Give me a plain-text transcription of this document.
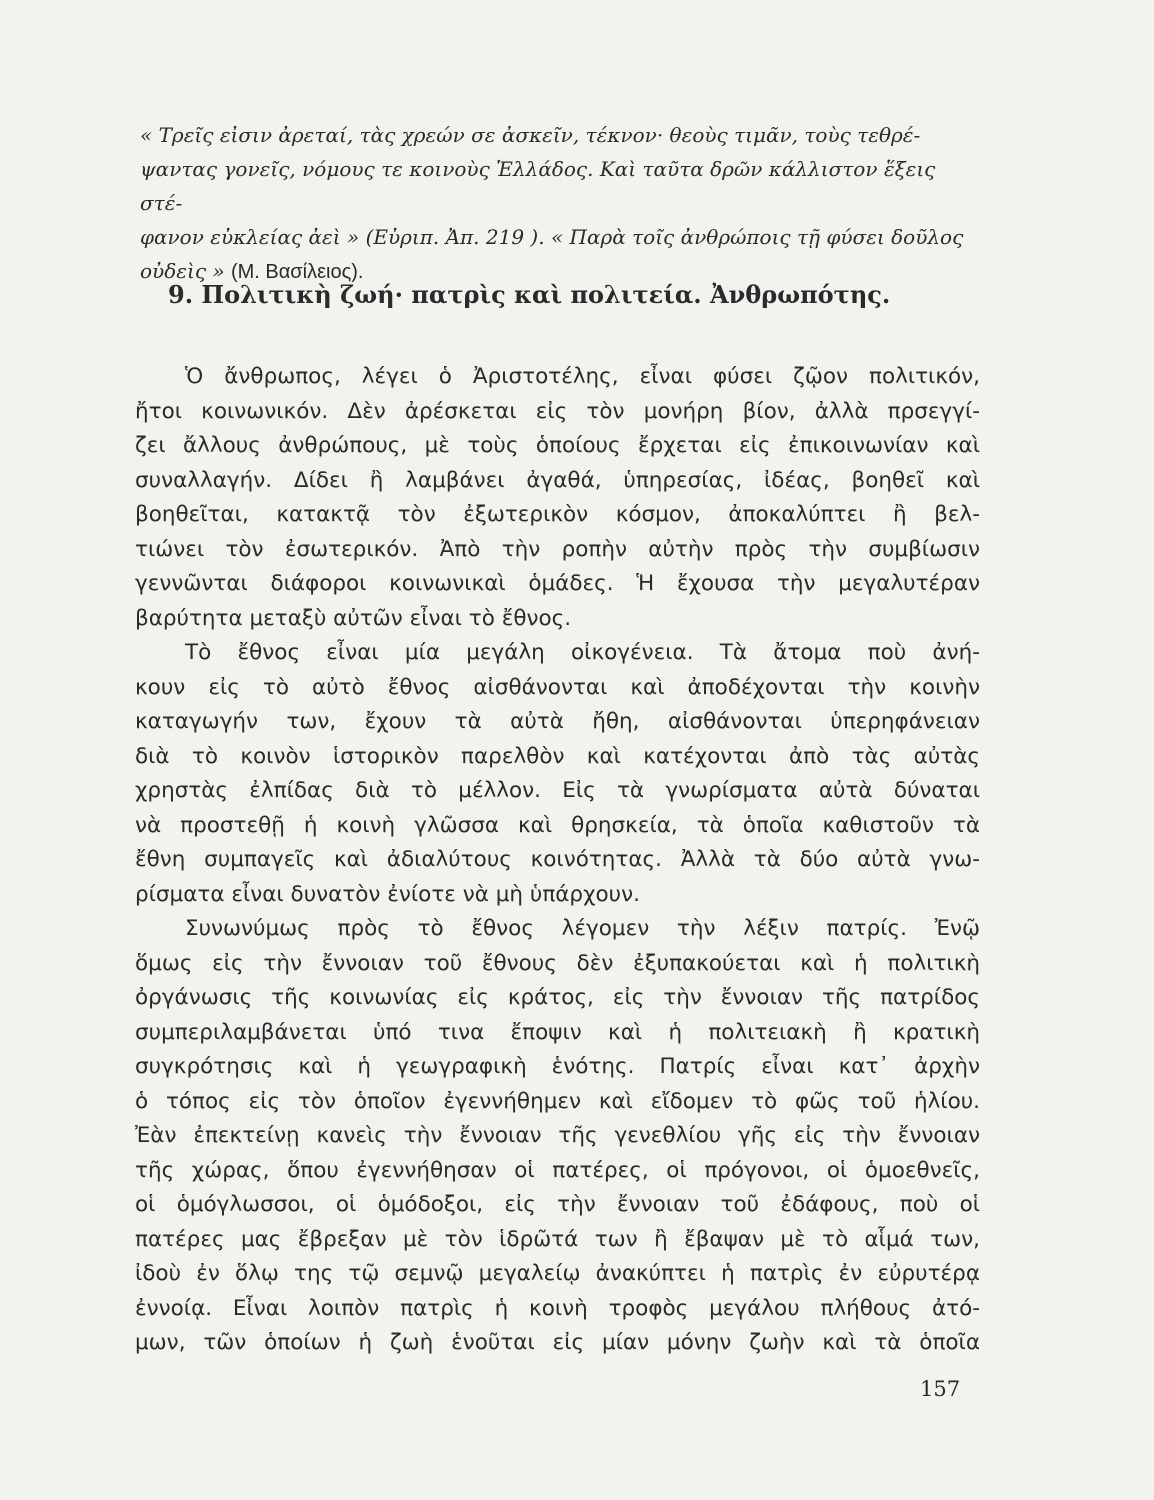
« Τρεῖς εἰσιν ἀρεταί, τὰς χρεών σε ἀσκεῖν, τέκνον· θεοὺς τιμᾶν, τοὺς τεθρέ-

ψαντας γονεῖς, νόμους τε κοινοὺς Ἑλλάδος. Καὶ ταῦτα δρῶν κάλλιστον ἕξεις στέ-

φανον εὐκλείας ἀεὶ » (Εὐριπ. Ἀπ. 219 ). « Παρὰ τοῖς ἀνθρώποις τῇ φύσει δοῦλος

οὐδεὶς » (Μ. Βασίλειος).

9. Πολιτικὴ ζωή· πατρὶς καὶ πολιτεία. Ἀνθρωπότης.
Ὁ ἄνθρωπος, λέγει ὁ Ἀριστοτέλης, εἶναι φύσει ζῷον πολιτικόν,
ἤτοι κοινωνικόν. Δὲν ἀρέσκεται εἰς τὸν μονήρη βίον, ἀλλὰ πρσεγγί-
ζει ἄλλους ἀνθρώπους, μὲ τοὺς ὁποίους ἔρχεται εἰς ἐπικοινωνίαν καὶ
συναλλαγήν. Δίδει ἢ λαμβάνει ἀγαθά, ὑπηρεσίας, ἰδέας, βοηθεῖ καὶ
βοηθεῖται, κατακτᾷ τὸν ἐξωτερικὸν κόσμον, ἀποκαλύπτει ἢ βελ-
τιώνει τὸν ἐσωτερικόν. Ἀπὸ τὴν ροπὴν αὐτὴν πρὸς τὴν συμβίωσιν
γεννῶνται διάφοροι κοινωνικαὶ ὁμάδες. Ἡ ἔχουσα τὴν μεγαλυτέραν
βαρύτητα μεταξὺ αὐτῶν εἶναι τὸ ἔθνος.
Τὸ ἔθνος εἶναι μία μεγάλη οἰκογένεια. Τὰ ἄτομα ποὺ ἀνή-
κουν εἰς τὸ αὐτὸ ἔθνος αἰσθάνονται καὶ ἀποδέχονται τὴν κοινὴν
καταγωγήν των, ἔχουν τὰ αὐτὰ ἤθη, αἰσθάνονται ὑπερηφάνειαν
διὰ τὸ κοινὸν ἱστορικὸν παρελθὸν καὶ κατέχονται ἀπὸ τὰς αὐτὰς
χρηστὰς ἐλπίδας διὰ τὸ μέλλον. Εἰς τὰ γνωρίσματα αὐτὰ δύναται
νὰ προστεθῇ ἡ κοινὴ γλῶσσα καὶ θρησκεία, τὰ ὁποῖα καθιστοῦν τὰ
ἔθνη συμπαγεῖς καὶ ἀδιαλύτους κοινότητας. Ἀλλὰ τὰ δύο αὐτὰ γνω-
ρίσματα εἶναι δυνατὸν ἐνίοτε νὰ μὴ ὑπάρχουν.
Συνωνύμως πρὸς τὸ ἔθνος λέγομεν τὴν λέξιν πατρίς. Ἐνῷ
ὅμως εἰς τὴν ἔννοιαν τοῦ ἔθνους δὲν ἐξυπακούεται καὶ ἡ πολιτικὴ
ὀργάνωσις τῆς κοινωνίας εἰς κράτος, εἰς τὴν ἔννοιαν τῆς πατρίδος
συμπεριλαμβάνεται ὑπό τινα ἔποψιν καὶ ἡ πολιτειακὴ ἢ κρατικὴ
συγκρότησις καὶ ἡ γεωγραφικὴ ἑνότης. Πατρίς εἶναι κατ᾽ ἀρχὴν
ὁ τόπος εἰς τὸν ὁποῖον ἐγεννήθημεν καὶ εἴδομεν τὸ φῶς τοῦ ἡλίου.
Ἐὰν ἐπεκτείνῃ κανεὶς τὴν ἔννοιαν τῆς γενεθλίου γῆς εἰς τὴν ἔννοιαν
τῆς χώρας, ὅπου ἐγεννήθησαν οἱ πατέρες, οἱ πρόγονοι, οἱ ὁμοεθνεῖς,
οἱ ὁμόγλωσσοι, οἱ ὁμόδοξοι, εἰς τὴν ἔννοιαν τοῦ ἐδάφους, ποὺ οἱ
πατέρες μας ἔβρεξαν μὲ τὸν ἱδρῶτά των ἢ ἔβαψαν μὲ τὸ αἷμά των,
ἰδοὺ ἐν ὅλῳ της τῷ σεμνῷ μεγαλείῳ ἀνακύπτει ἡ πατρὶς ἐν εὐρυτέρᾳ
ἐννοίᾳ. Εἶναι λοιπὸν πατρὶς ἡ κοινὴ τροφὸς μεγάλου πλήθους ἀτό-
μων, τῶν ὁποίων ἡ ζωὴ ἑνοῦται εἰς μίαν μόνην ζωὴν καὶ τὰ ὁποῖα
157
